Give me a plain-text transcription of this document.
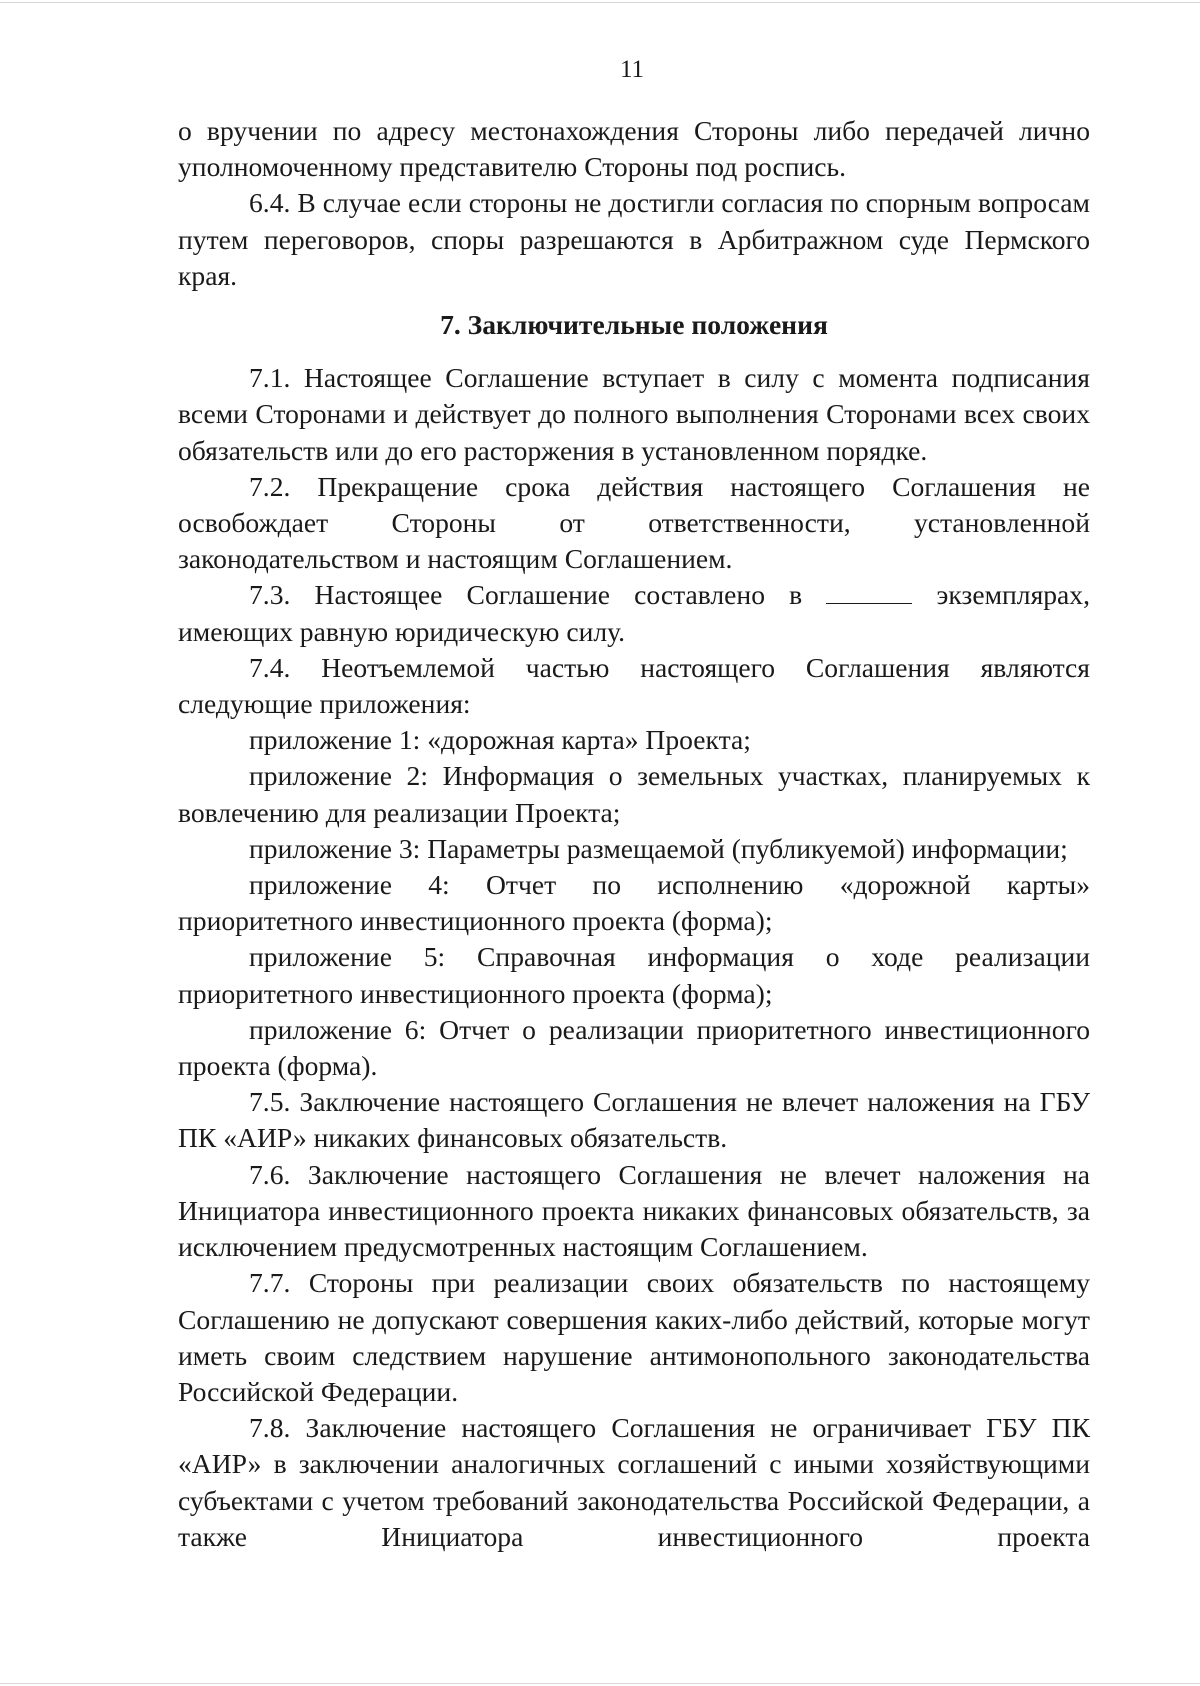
11

о вручении по адресу местонахождения Стороны либо передачей лично уполномоченному представителю Стороны под роспись.

6.4. В случае если стороны не достигли согласия по спорным вопросам путем переговоров, споры разрешаются в Арбитражном суде Пермского края.

7. Заключительные положения

7.1. Настоящее Соглашение вступает в силу с момента подписания всеми Сторонами и действует до полного выполнения Сторонами всех своих обязательств или до его расторжения в установленном порядке.

7.2. Прекращение срока действия настоящего Соглашения не освобождает Стороны от ответственности, установленной законодательством и настоящим Соглашением.

7.3. Настоящее Соглашение составлено в	экземплярах,

имеющих равную юридическую силу.

7.4. Неотъемлемой частью настоящего Соглашения являются следующие приложения:

приложение 1: «дорожная карта» Проекта;

приложение 2: Информация о земельных участках, планируемых к вовлечению для реализации Проекта;

приложение 3: Параметры размещаемой (публикуемой) информации;

приложение 4: Отчет по исполнению «дорожной карты» приоритетного инвестиционного проекта (форма);

приложение 5: Справочная информация о ходе реализации приоритетного инвестиционного проекта (форма);

приложение 6: Отчет о реализации приоритетного инвестиционного проекта (форма).

7.5. Заключение настоящего Соглашения не влечет наложения на ГБУ ПК «АИР» никаких финансовых обязательств.

7.6. Заключение настоящего Соглашения не влечет наложения на Инициатора инвестиционного проекта никаких финансовых обязательств, за исключением предусмотренных настоящим Соглашением.

7.7. Стороны при реализации своих обязательств по настоящему Соглашению не допускают совершения каких-либо действий, которые могут иметь своим следствием нарушение антимонопольного законодательства Российской Федерации.

7.8. Заключение настоящего Соглашения не ограничивает ГБУ ПК «АИР» в заключении аналогичных соглашений с иными хозяйствующими субъектами с учетом требований законодательства Российской Федерации, а также Инициатора инвестиционного проекта
